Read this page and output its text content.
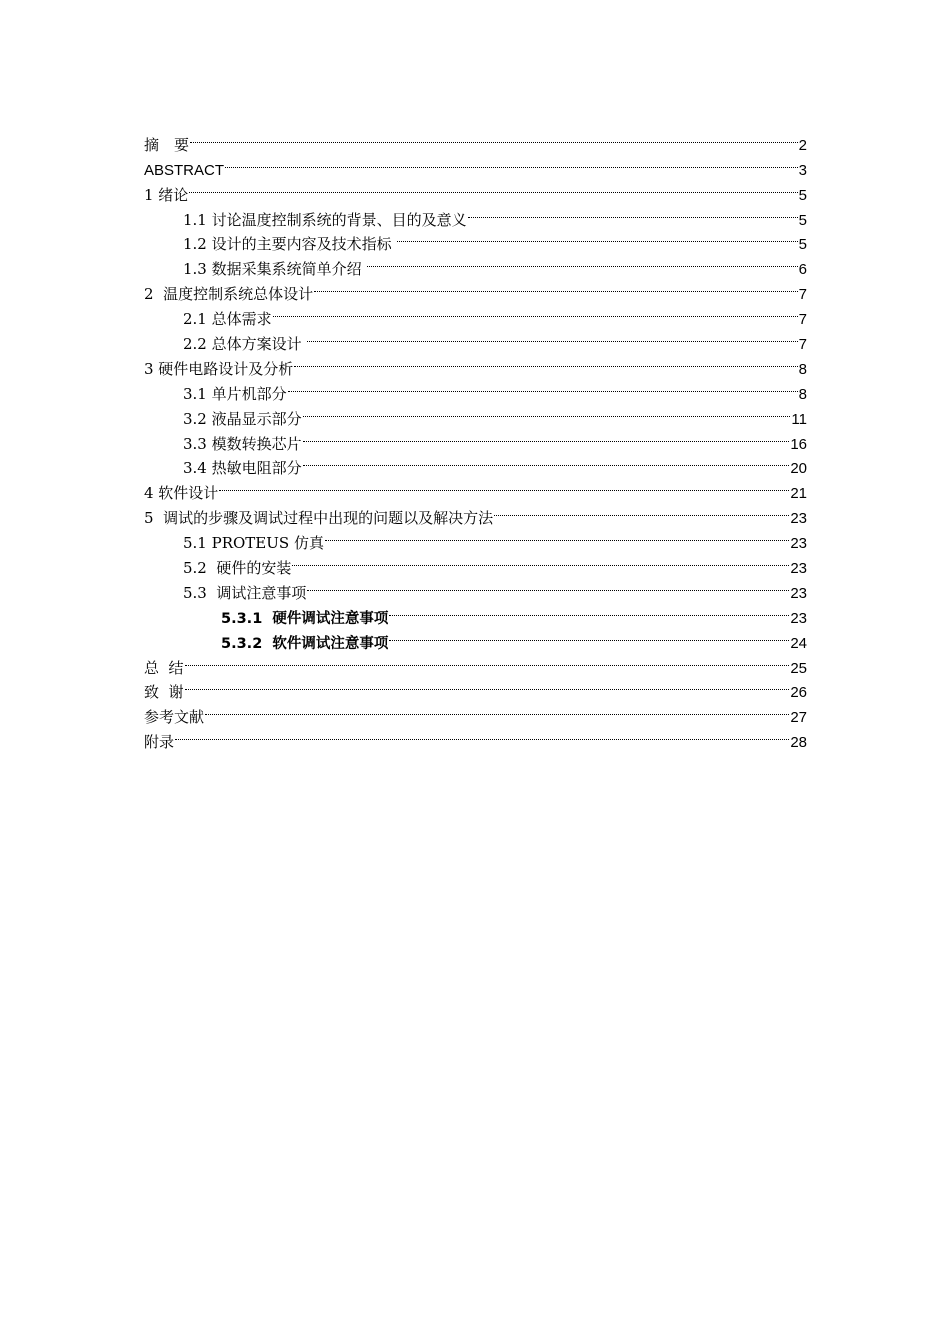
摘　要	2
ABSTRACT	3
1 绪论	5
1.1 讨论温度控制系统的背景、目的及意义	5
1.2 设计的主要内容及技术指标	5
1.3 数据采集系统简单介绍	6
2  温度控制系统总体设计	7
2.1 总体需求	7
2.2 总体方案设计	7
3 硬件电路设计及分析	8
3.1 单片机部分	8
3.2 液晶显示部分	11
3.3 模数转换芯片	16
3.4 热敏电阻部分	20
4 软件设计	21
5  调试的步骤及调试过程中出现的问题以及解决方法	23
5.1 PROTEUS 仿真	23
5.2  硬件的安装	23
5.3  调试注意事项	23
5.3.1  硬件调试注意事项	23
5.3.2  软件调试注意事项	24
总  结	25
致  谢	26
参考文献	27
附录	28
